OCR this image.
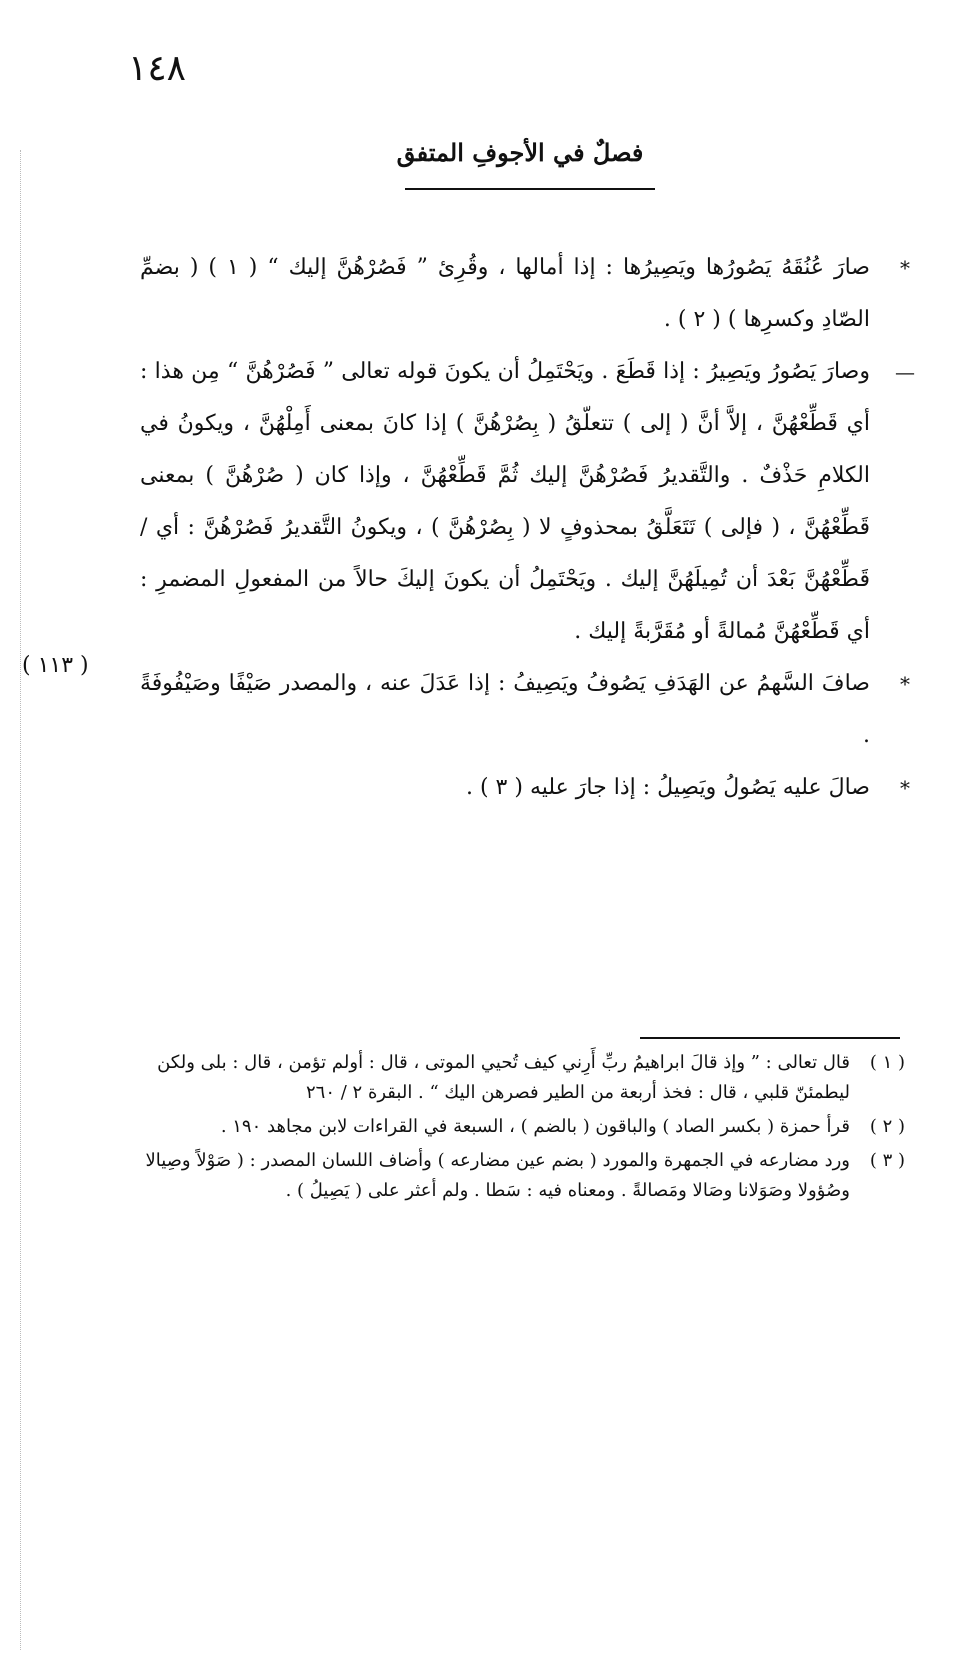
١٤٨
فصلٌ في الأجوفِ المتفق
*
صارَ عُنُقَهُ يَصُورُها ويَصِيرُها : إذا أمالها ، وقُرِئ ” فَصُرْهُنَّ إليك “ ( ١ ) ( بضمِّ الصّادِ وكسرِها ) ( ٢ ) .
—
وصارَ يَصُورُ ويَصِيرُ : إذا قَطَعَ . ويَحْتَمِلُ أن يكونَ قوله تعالى ” فَصُرْهُنَّ “ مِن هذا : أي قَطِّعْهُنَّ ، إلاَّ أنَّ ( إلى ) تتعلّقُ ( بِصُرْهُنَّ ) إذا كانَ بمعنى أَمِلْهُنَّ ، ويكونُ في الكلامِ حَذْفٌ . والتَّقديرُ فَصُرْهُنَّ إليك ثُمَّ قَطِّعْهُنَّ ، وإذا كان ( صُرْهُنَّ ) بمعنى قَطِّعْهُنَّ ، ( فإلى ) تَتَعَلَّقُ بمحذوفٍ لا ( بِصُرْهُنَّ ) ، ويكونُ التَّقديرُ فَصُرْهُنَّ : أي / قَطِّعْهُنَّ بَعْدَ أن تُمِيلَهُنَّ إليك . ويَحْتَمِلُ أن يكونَ إليكَ حالاً من المفعولِ المضمرِ : أي قَطِّعْهُنَّ مُمالةً أو مُقَرَّبةً إليك .
*
صافَ السَّهمُ عن الهَدَفِ يَصُوفُ ويَصِيفُ : إذا عَدَلَ عنه ، والمصدر صَيْفًا وصَيْفُوفَةً .
*
صالَ عليه يَصُولُ ويَصِيلُ : إذا جارَ عليه ( ٣ ) .
( ١١٣ )
( ١ )
قال تعالى : ” وإذ قالَ ابراهيمُ ربِّ أَرِني كيف تُحيي الموتى ، قال : أولم تؤمن ، قال : بلى ولكن ليطمئنّ قلبي ، قال : فخذ أربعة من الطير فصرهن اليك “ . البقرة ٢ / ٢٦٠
( ٢ )
قرأ حمزة ( بكسر الصاد ) والباقون ( بالضم ) ، السبعة في القراءات لابن مجاهد ١٩٠ .
( ٣ )
ورد مضارعه في الجمهرة والمورد ( بضم عين مضارعه ) وأضاف اللسان المصدر : ( صَوْلاً وصِيالا وصُؤولا وصَوَلانا وصَالا ومَصالةً . ومعناه فيه : سَطا . ولم أعثر على ( يَصِيلُ ) .
